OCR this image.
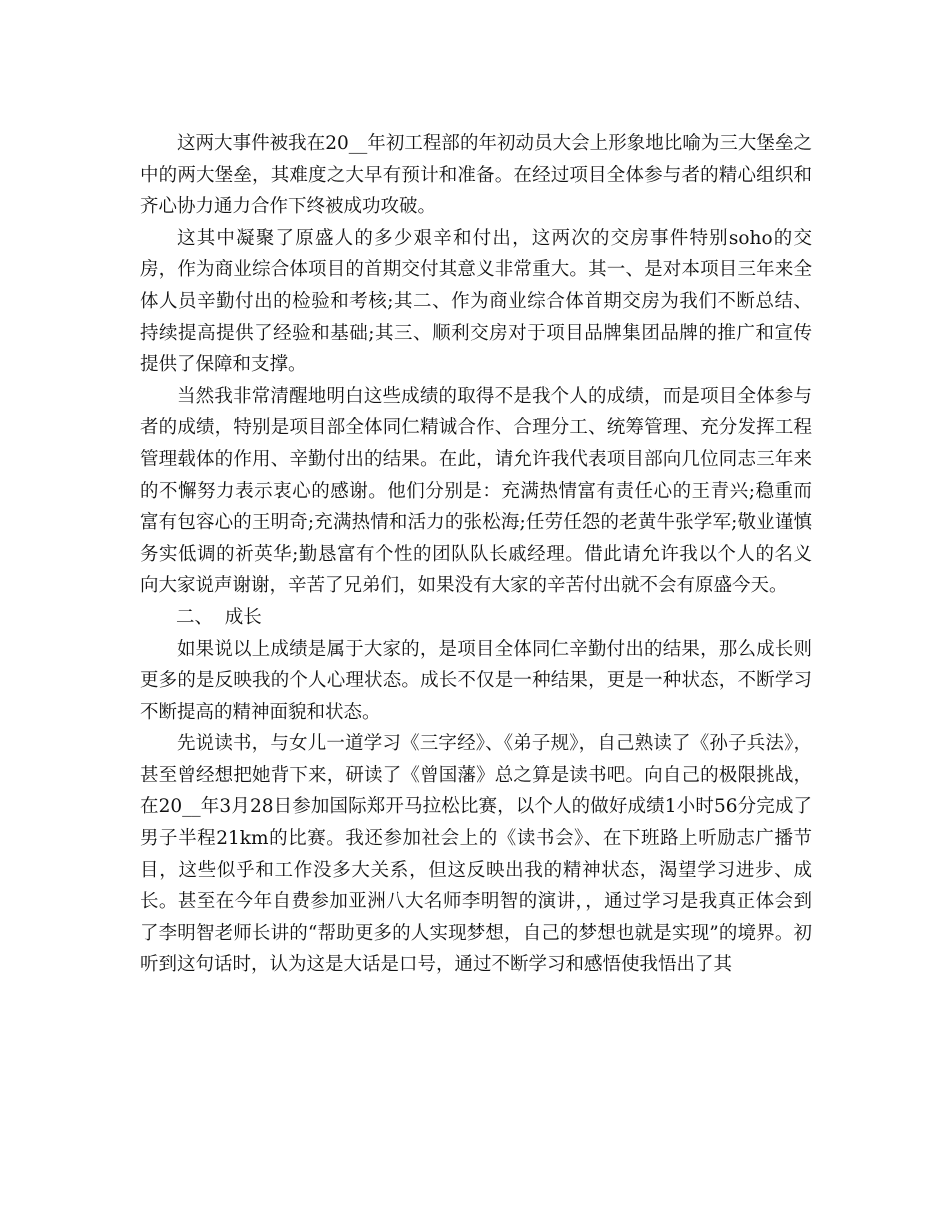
这两大事件被我在20__年初工程部的年初动员大会上形象地比喻为三大堡垒之中的两大堡垒，其难度之大早有预计和准备。在经过项目全体参与者的精心组织和齐心协力通力合作下终被成功攻破。

这其中凝聚了原盛人的多少艰辛和付出，这两次的交房事件特别soho的交房，作为商业综合体项目的首期交付其意义非常重大。其一、是对本项目三年来全体人员辛勤付出的检验和考核;其二、作为商业综合体首期交房为我们不断总结、持续提高提供了经验和基础;其三、顺利交房对于项目品牌集团品牌的推广和宣传提供了保障和支撑。

当然我非常清醒地明白这些成绩的取得不是我个人的成绩，而是项目全体参与者的成绩，特别是项目部全体同仁精诚合作、合理分工、统筹管理、充分发挥工程管理载体的作用、辛勤付出的结果。在此，请允许我代表项目部向几位同志三年来的不懈努力表示衷心的感谢。他们分别是：充满热情富有责任心的王青兴;稳重而富有包容心的王明奇;充满热情和活力的张松海;任劳任怨的老黄牛张学军;敬业谨慎务实低调的祈英华;勤恳富有个性的团队队长戚经理。借此请允许我以个人的名义向大家说声谢谢，辛苦了兄弟们，如果没有大家的辛苦付出就不会有原盛今天。

二、  成长

如果说以上成绩是属于大家的，是项目全体同仁辛勤付出的结果，那么成长则更多的是反映我的个人心理状态。成长不仅是一种结果，更是一种状态，不断学习不断提高的精神面貌和状态。

先说读书，与女儿一道学习《三字经》、《弟子规》，自己熟读了《孙子兵法》，甚至曾经想把她背下来，研读了《曾国藩》总之算是读书吧。向自己的极限挑战，在20__年3月28日参加国际郑开马拉松比赛，以个人的做好成绩1小时56分完成了男子半程21km的比赛。我还参加社会上的《读书会》、在下班路上听励志广播节目，这些似乎和工作没多大关系，但这反映出我的精神状态，渴望学习进步、成长。甚至在今年自费参加亚洲八大名师李明智的演讲，，通过学习是我真正体会到了李明智老师长讲的“帮助更多的人实现梦想，自己的梦想也就是实现”的境界。初听到这句话时，认为这是大话是口号，通过不断学习和感悟使我悟出了其
